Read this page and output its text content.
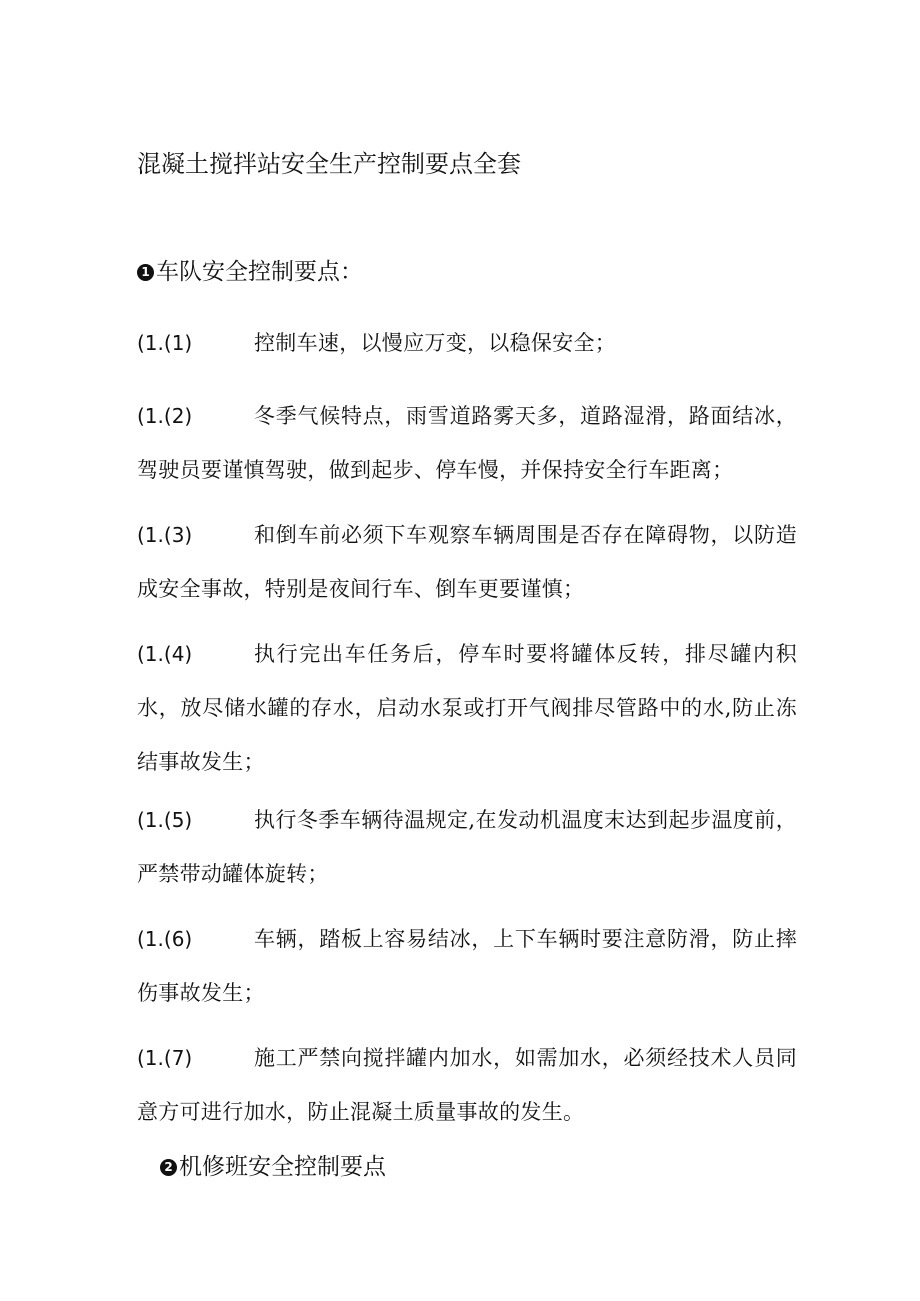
混凝土搅拌站安全生产控制要点全套
1 车队安全控制要点：
(1.(1)	控制车速，以慢应万变，以稳保安全；
(1.(2)	冬季气候特点，雨雪道路雾天多，道路湿滑，路面结冰，驾驶员要谨慎驾驶，做到起步、停车慢，并保持安全行车距离；
(1.(3)	和倒车前必须下车观察车辆周围是否存在障碍物，以防造成安全事故，特别是夜间行车、倒车更要谨慎；
(1.(4)	执行完出车任务后，停车时要将罐体反转，排尽罐内积水，放尽储水罐的存水，启动水泵或打开气阀排尽管路中的水,防止冻结事故发生；
(1.(5)	执行冬季车辆待温规定,在发动机温度末达到起步温度前，严禁带动罐体旋转；
(1.(6)	车辆，踏板上容易结冰，上下车辆时要注意防滑，防止摔伤事故发生；
(1.(7)	施工严禁向搅拌罐内加水，如需加水，必须经技术人员同意方可进行加水，防止混凝土质量事故的发生。
2 机修班安全控制要点
